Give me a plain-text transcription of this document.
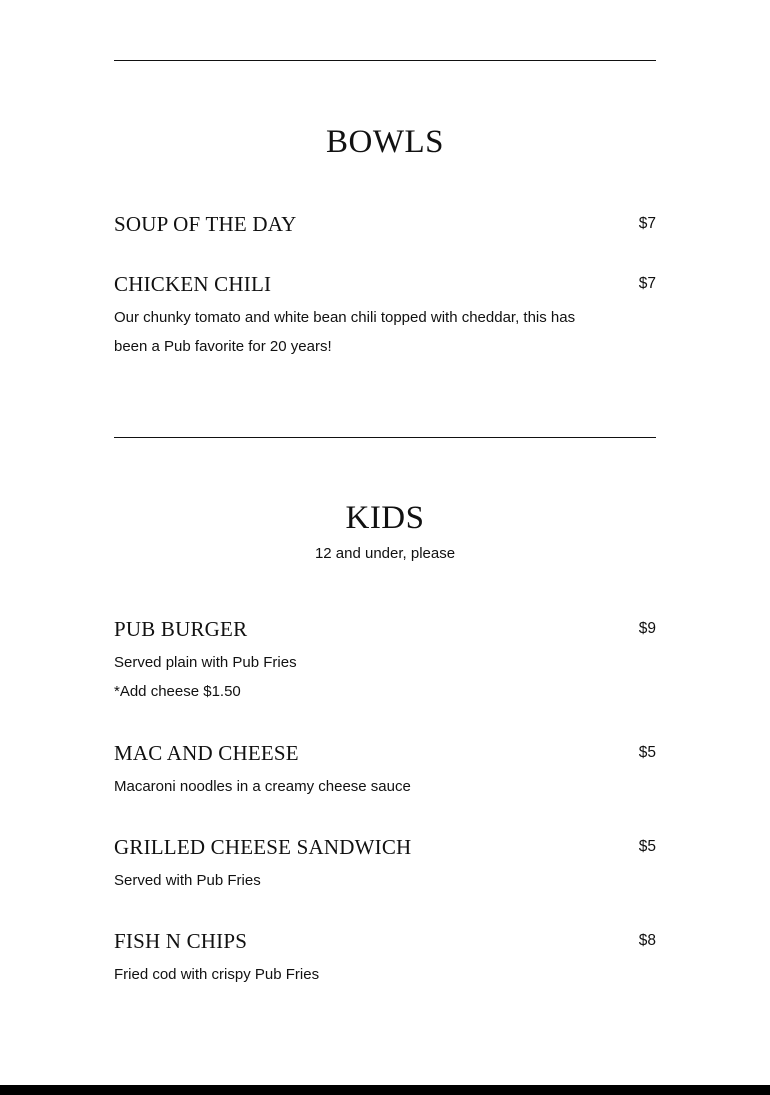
BOWLS
SOUP OF THE DAY	$7
CHICKEN CHILI	$7

Our chunky tomato and white bean chili topped with cheddar, this has been a Pub favorite for 20 years!

KIDS
12 and under, please
PUB BURGER	$9

Served plain with Pub Fries

*Add cheese $1.50

MAC AND CHEESE	$5

Macaroni noodles in a creamy cheese sauce

GRILLED CHEESE SANDWICH	$5

Served with Pub Fries

FISH N CHIPS	$8

Fried cod with crispy Pub Fries
